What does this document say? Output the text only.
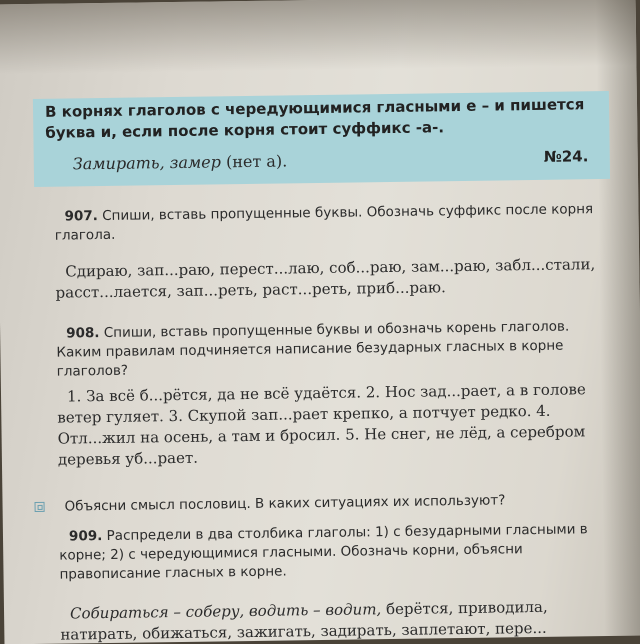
В корнях глаголов с чередующимися гласными е – и пишется буква и, если после корня стоит суффикс -а-.
Замирать, замер (нет а).	№24.
907. Спиши, вставь пропущенные буквы. Обозначь суффикс после корня глагола.
Сдираю, зап...раю, перест...лаю, соб...раю, зам...раю, забл...стали, расст...лается, зап...реть, раст...реть, приб...раю.
908. Спиши, вставь пропущенные буквы и обозначь корень глаголов. Каким правилам подчиняется написание безударных гласных в корне глаголов?
1. За всё б...рётся, да не всё удаётся. 2. Нос зад...рает, а в голове ветер гуляет. 3. Скупой зап...рает крепко, а потчует редко. 4. Отл...жил на осень, а там и бросил. 5. Не снег, не лёд, а серебром деревья уб...рает.
Объясни смысл пословиц. В каких ситуациях их используют?
909. Распредели в два столбика глаголы: 1) с безударными гласными в корне; 2) с чередующимися гласными. Обозначь корни, объясни правописание гласных в корне.
Собираться – соберу, водить – водит, берётся, приводила, натирать, обижаться, зажигать, задирать, заплетают, пере...
